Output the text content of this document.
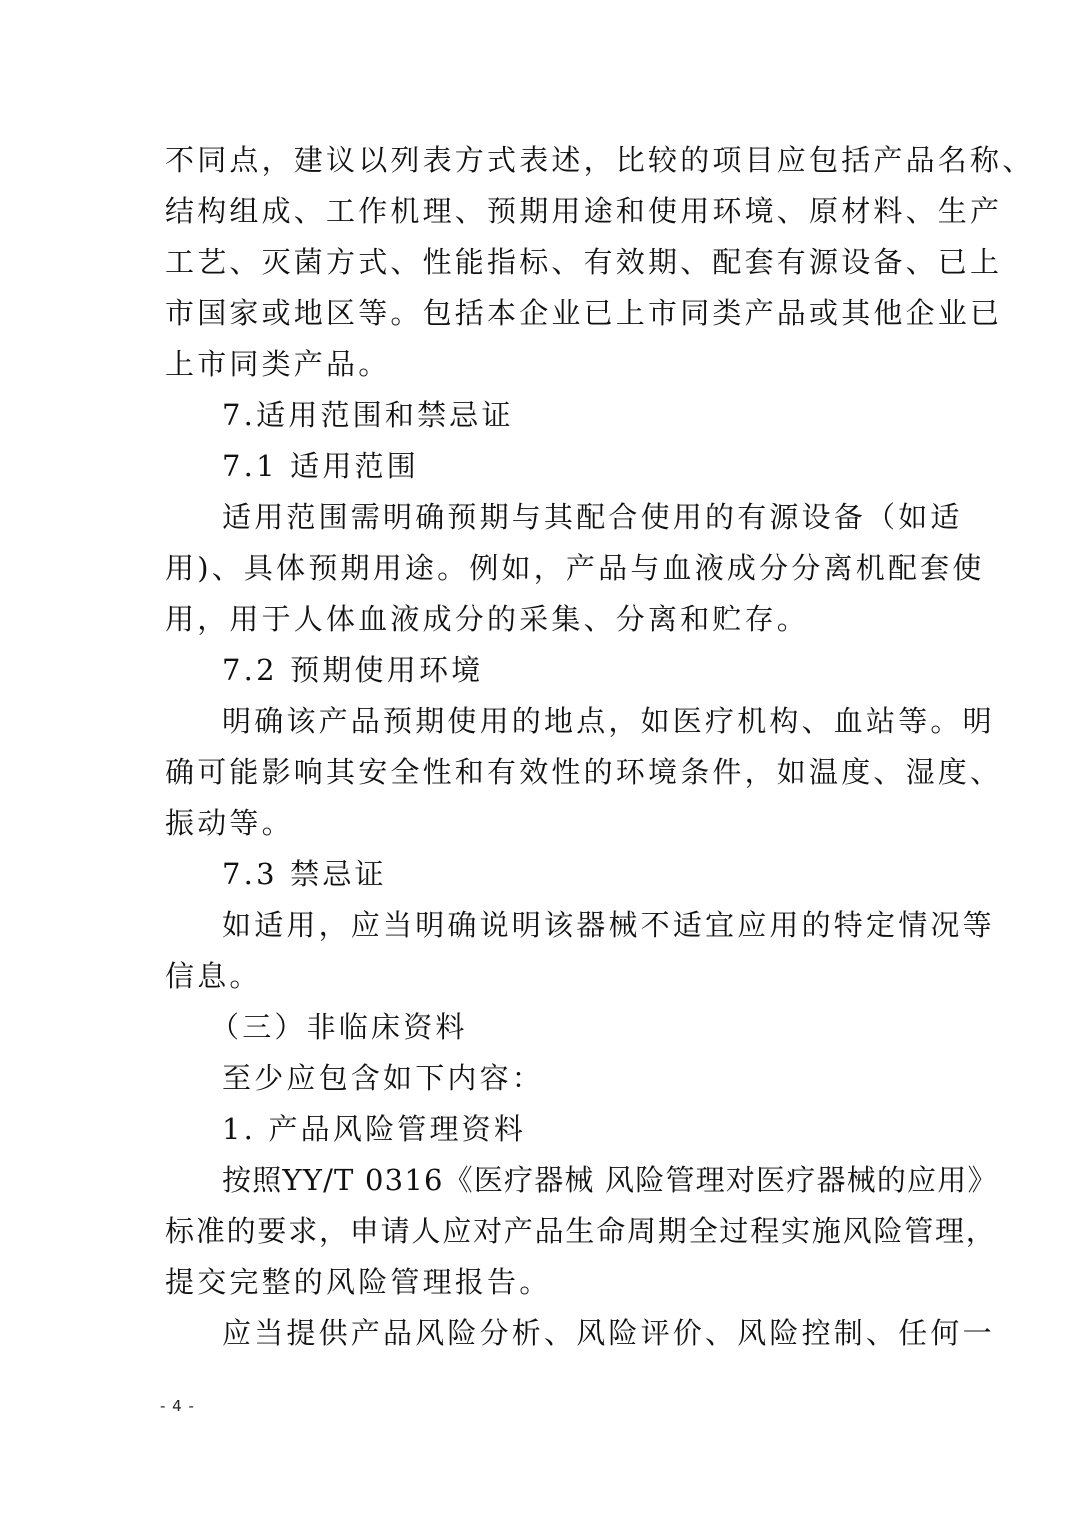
不同点，建议以列表方式表述，比较的项目应包括产品名称、
结构组成、工作机理、预期用途和使用环境、原材料、生产
工艺、灭菌方式、性能指标、有效期、配套有源设备、已上
市国家或地区等。包括本企业已上市同类产品或其他企业已
上市同类产品。
7.适用范围和禁忌证
7.1 适用范围
适用范围需明确预期与其配合使用的有源设备（如适
用)、具体预期用途。例如，产品与血液成分分离机配套使
用，用于人体血液成分的采集、分离和贮存。
7.2 预期使用环境
明确该产品预期使用的地点，如医疗机构、血站等。明
确可能影响其安全性和有效性的环境条件，如温度、湿度、
振动等。
7.3 禁忌证
如适用，应当明确说明该器械不适宜应用的特定情况等
信息。
（三）非临床资料
至少应包含如下内容：
1. 产品风险管理资料
按照YY/T 0316《医疗器械 风险管理对医疗器械的应用》
标准的要求，申请人应对产品生命周期全过程实施风险管理，
提交完整的风险管理报告。
应当提供产品风险分析、风险评价、风险控制、任何一
- 4 -
